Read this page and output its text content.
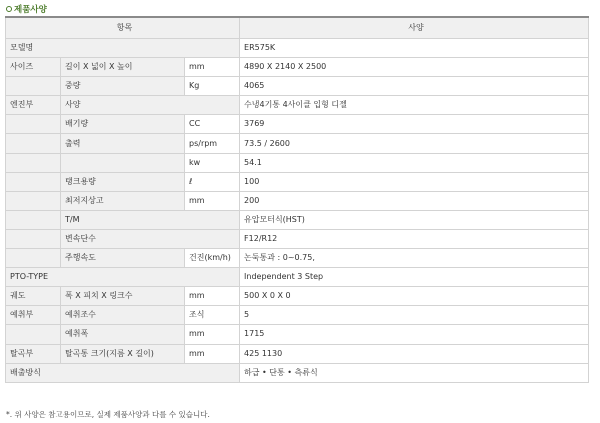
제품사양
항목			사양
모델명			ER575K
사이즈	길이 X 넓이 X 높이	mm	4890 X 2140 X 2500
	중량	Kg	4065
엔진부	사양		수냉4기통 4사이클 입형 디젤
	배기량	CC	3769
	출력	ps/rpm	73.5 / 2600
		kw	54.1
	탱크용량	ℓ	100
	최저지상고	mm	200
	T/M		유압모터식(HST)
	변속단수		F12/R12
	주행속도	건진(km/h)	논둑통과 : 0~0.75,
PTO-TYPE			Independent 3 Step
궤도	폭 X 피치 X 링크수	mm	500 X 0 X 0
예취부	예취조수	조식	5
	예취폭	mm	1715
탈곡부	탈곡통 크기(지름 X 길이)	mm	425 1130
배출방식			하급 • 단통 • 측류식
*. 위 사양은 참고용이므로, 실제 제품사양과 다를 수 있습니다.
